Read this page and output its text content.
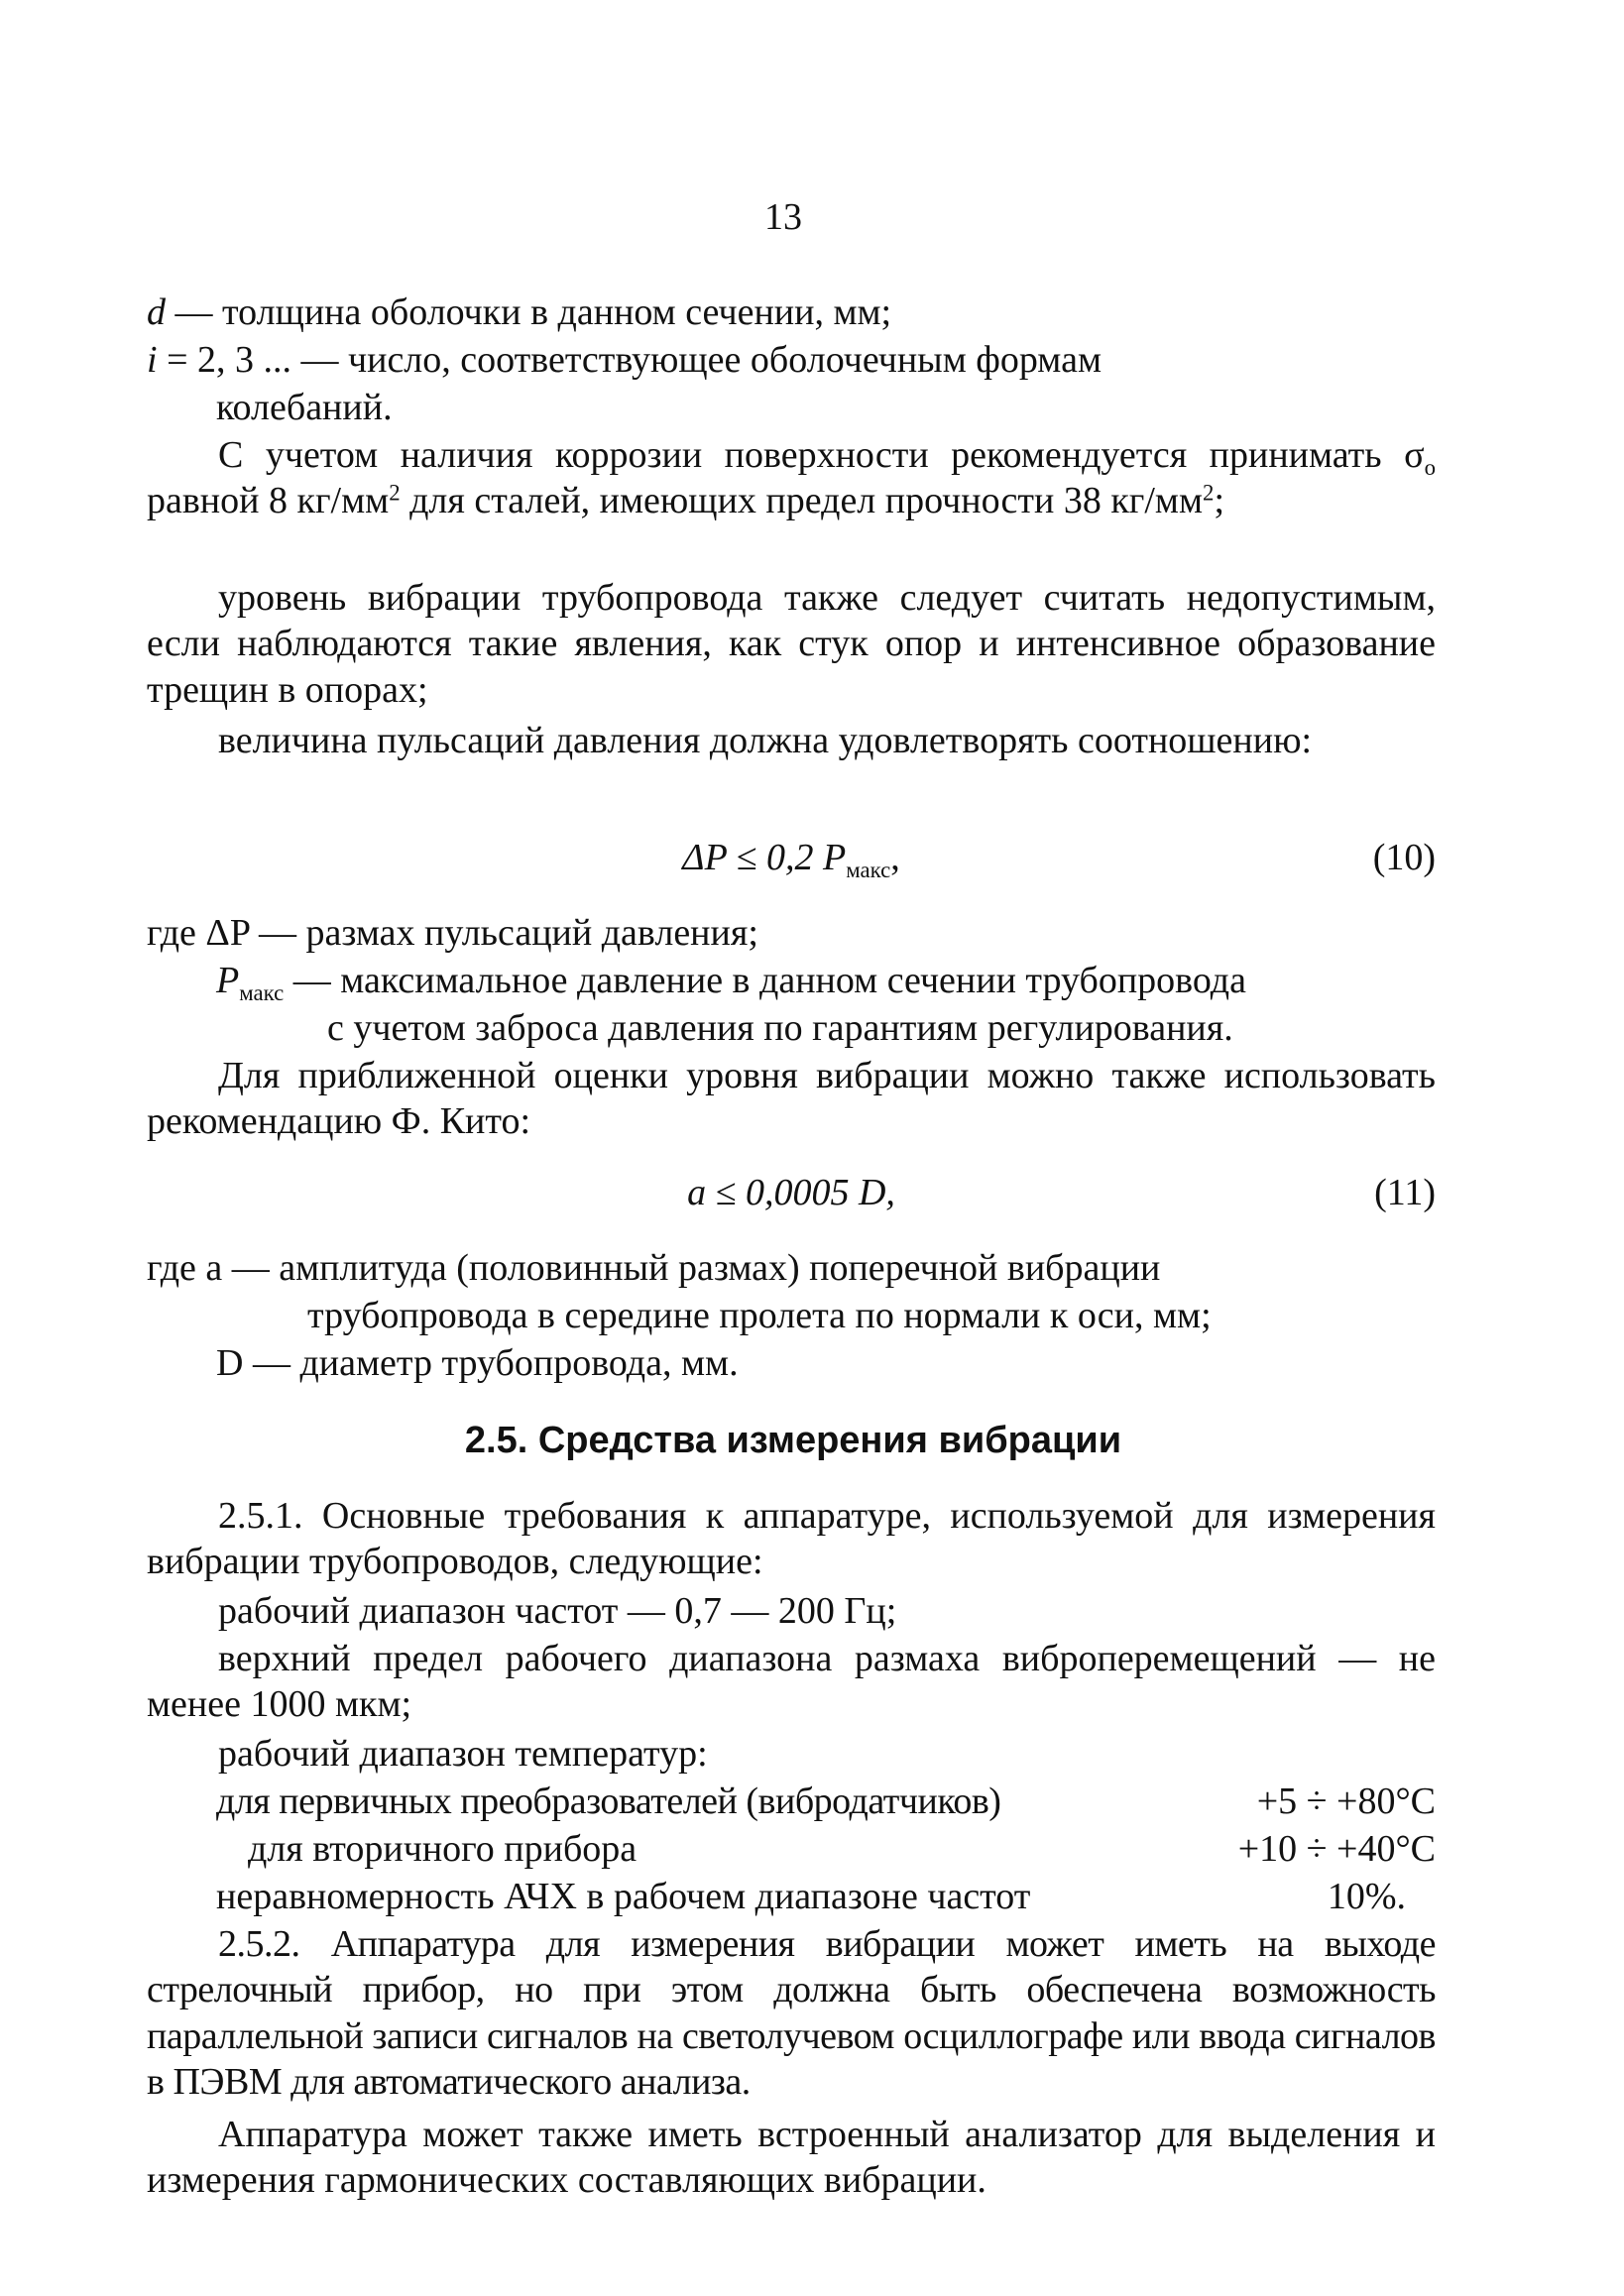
13
d — толщина оболочки в данном сечении, мм;
i = 2, 3 ... — число, соответствующее оболочечным формам
колебаний.
С учетом наличия коррозии поверхности рекомендуется принимать $\sigma_о$ равной 8 $кг/мм^2$ для сталей, имеющих предел прочности 38 $кг/мм^2$;
уровень вибрации трубопровода также следует считать недопустимым, если наблюдаются такие явления, как стук опор и интенсивное образование трещин в опорах;
величина пульсаций давления должна удовлетворять соотношению:
ΔP ≤ 0,2 $P_{макс}$,	(10)
где ΔP — размах пульсаций давления;
$P_{макс}$ — максимальное давление в данном сечении трубопровода
с учетом заброса давления по гарантиям регулирования.
Для приближенной оценки уровня вибрации можно также использовать рекомендацию Ф. Кито:
a ≤ 0,0005 D,	(11)
где a — амплитуда (половинный размах) поперечной вибрации
трубопровода в середине пролета по нормали к оси, мм;
D — диаметр трубопровода, мм.
2.5. Средства измерения вибрации
2.5.1. Основные требования к аппаратуре, используемой для измерения вибрации трубопроводов, следующие:
рабочий диапазон частот — 0,7 — 200 Гц;
верхний предел рабочего диапазона размаха виброперемещений — не менее 1000 мкм;
рабочий диапазон температур:
для первичных преобразователей (вибродатчиков)	+5 ÷ +80°С
для вторичного прибора	+10 ÷ +40°С
неравномерность АЧХ в рабочем диапазоне частот	10%.
2.5.2. Аппаратура для измерения вибрации может иметь на выходе стрелочный прибор, но при этом должна быть обеспечена возможность параллельной записи сигналов на светолучевом осциллографе или ввода сигналов в ПЭВМ для автоматического анализа.
Аппаратура может также иметь встроенный анализатор для выделения и измерения гармонических составляющих вибрации.
